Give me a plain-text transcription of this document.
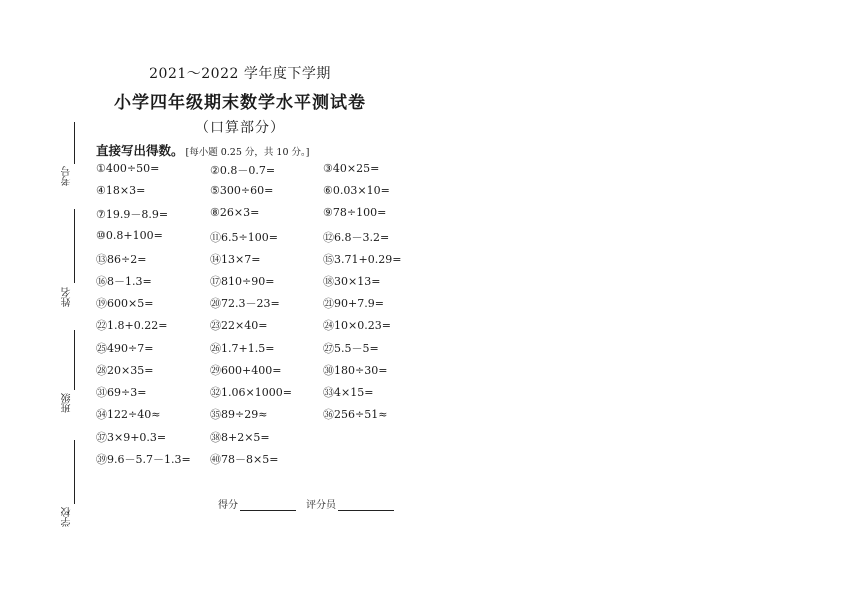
2021～2022 学年度下学期
小学四年级期末数学水平测试卷
（口算部分）
直接写出得数。 [每小题 0.25 分，共 10 分。]
①400÷50=	②0.8－0.7=	③40×25=
④18×3=	⑤300÷60=	⑥0.03×10=
⑦19.9－8.9=	⑧26×3=	⑨78÷100=
⑩0.8+100=	⑪6.5÷100=	⑫6.8－3.2=
⑬86÷2=	⑭13×7=	⑮3.71+0.29=
⑯8－1.3=	⑰810÷90=	⑱30×13=
⑲600×5=	⑳72.3－23=	㉑90+7.9=
㉒1.8+0.22=	㉓22×40=	㉔10×0.23=
㉕490÷7=	㉖1.7+1.5=	㉗5.5－5=
㉘20×35=	㉙600+400=	㉚180÷30=
㉛69÷3=	㉜1.06×1000=	㉝4×15=
㉞122÷40≈	㉟89÷29≈	㊱256÷51≈
㊲3×9+0.3=	㊳8+2×5=
㊴9.6－5.7－1.3= ㊵78－8×5=
考号
姓名
班级
学校
得分	评分员
